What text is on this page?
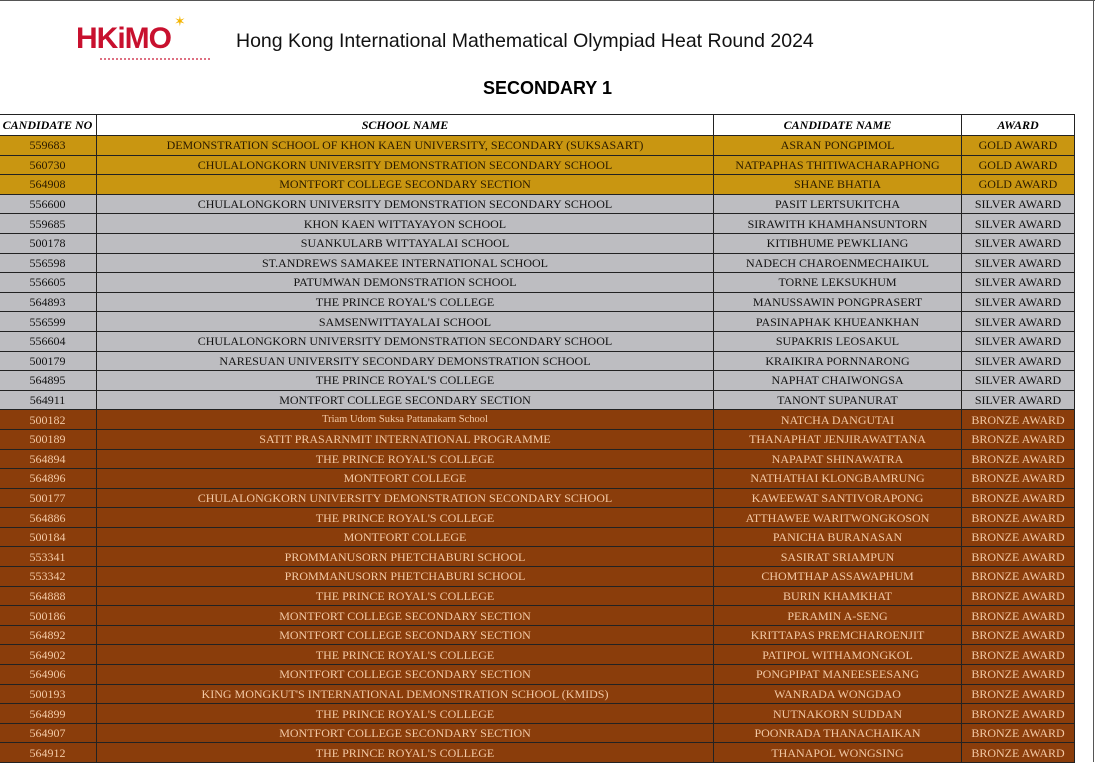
✶
HKiMO	Hong Kong International Mathematical Olympiad Heat Round 2024
SECONDARY 1
CANDIDATE NO	SCHOOL NAME	CANDIDATE NAME	AWARD
559683	DEMONSTRATION SCHOOL OF KHON KAEN UNIVERSITY, SECONDARY (SUKSASART)	ASRAN PONGPIMOL	GOLD AWARD
560730	CHULALONGKORN UNIVERSITY DEMONSTRATION SECONDARY SCHOOL	NATPAPHAS THITIWACHARAPHONG	GOLD AWARD
564908	MONTFORT COLLEGE SECONDARY SECTION	SHANE BHATIA	GOLD AWARD
556600	CHULALONGKORN UNIVERSITY DEMONSTRATION SECONDARY SCHOOL	PASIT LERTSUKITCHA	SILVER AWARD
559685	KHON KAEN WITTAYAYON SCHOOL	SIRAWITH KHAMHANSUNTORN	SILVER AWARD
500178	SUANKULARB WITTAYALAI SCHOOL	KITIBHUME PEWKLIANG	SILVER AWARD
556598	ST.ANDREWS SAMAKEE INTERNATIONAL SCHOOL	NADECH CHAROENMECHAIKUL	SILVER AWARD
556605	PATUMWAN DEMONSTRATION SCHOOL	TORNE LEKSUKHUM	SILVER AWARD
564893	THE PRINCE ROYAL'S COLLEGE	MANUSSAWIN PONGPRASERT	SILVER AWARD
556599	SAMSENWITTAYALAI SCHOOL	PASINAPHAK KHUEANKHAN	SILVER AWARD
556604	CHULALONGKORN UNIVERSITY DEMONSTRATION SECONDARY SCHOOL	SUPAKRIS LEOSAKUL	SILVER AWARD
500179	NARESUAN UNIVERSITY SECONDARY DEMONSTRATION SCHOOL	KRAIKIRA PORNNARONG	SILVER AWARD
564895	THE PRINCE ROYAL'S COLLEGE	NAPHAT CHAIWONGSA	SILVER AWARD
564911	MONTFORT COLLEGE SECONDARY SECTION	TANONT SUPANURAT	SILVER AWARD
500182	Triam Udom Suksa Pattanakarn School	NATCHA DANGUTAI	BRONZE AWARD
500189	SATIT PRASARNMIT INTERNATIONAL PROGRAMME	THANAPHAT JENJIRAWATTANA	BRONZE AWARD
564894	THE PRINCE ROYAL'S COLLEGE	NAPAPAT SHINAWATRA	BRONZE AWARD
564896	MONTFORT COLLEGE	NATHATHAI KLONGBAMRUNG	BRONZE AWARD
500177	CHULALONGKORN UNIVERSITY DEMONSTRATION SECONDARY SCHOOL	KAWEEWAT SANTIVORAPONG	BRONZE AWARD
564886	THE PRINCE ROYAL'S COLLEGE	ATTHAWEE WARITWONGKOSON	BRONZE AWARD
500184	MONTFORT COLLEGE	PANICHA BURANASAN	BRONZE AWARD
553341	PROMMANUSORN PHETCHABURI SCHOOL	SASIRAT SRIAMPUN	BRONZE AWARD
553342	PROMMANUSORN PHETCHABURI SCHOOL	CHOMTHAP ASSAWAPHUM	BRONZE AWARD
564888	THE PRINCE ROYAL'S COLLEGE	BURIN KHAMKHAT	BRONZE AWARD
500186	MONTFORT COLLEGE SECONDARY SECTION	PERAMIN A-SENG	BRONZE AWARD
564892	MONTFORT COLLEGE SECONDARY SECTION	KRITTAPAS PREMCHAROENJIT	BRONZE AWARD
564902	THE PRINCE ROYAL'S COLLEGE	PATIPOL WITHAMONGKOL	BRONZE AWARD
564906	MONTFORT COLLEGE SECONDARY SECTION	PONGPIPAT MANEESEESANG	BRONZE AWARD
500193	KING MONGKUT'S INTERNATIONAL DEMONSTRATION SCHOOL (KMIDS)	WANRADA WONGDAO	BRONZE AWARD
564899	THE PRINCE ROYAL'S COLLEGE	NUTNAKORN SUDDAN	BRONZE AWARD
564907	MONTFORT COLLEGE SECONDARY SECTION	POONRADA THANACHAIKAN	BRONZE AWARD
564912	THE PRINCE ROYAL'S COLLEGE	THANAPOL WONGSING	BRONZE AWARD
